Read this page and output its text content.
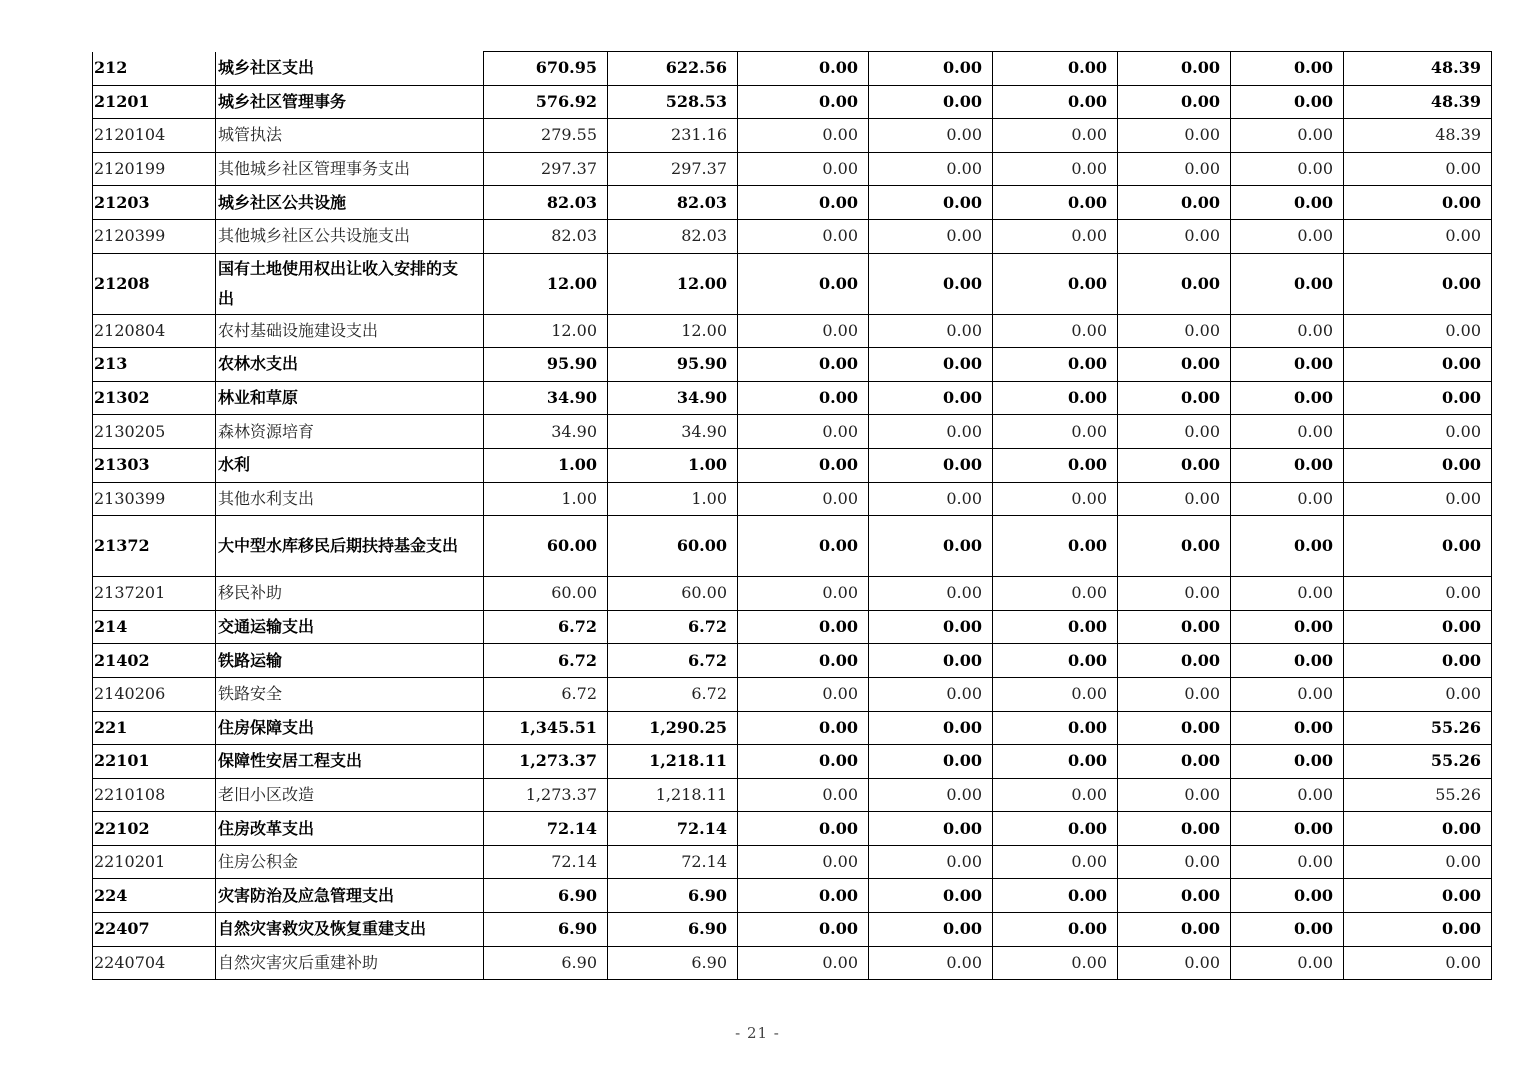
212	城乡社区支出	670.95	622.56	0.00	0.00	0.00	0.00	0.00	48.39
21201	城乡社区管理事务	576.92	528.53	0.00	0.00	0.00	0.00	0.00	48.39
2120104	城管执法	279.55	231.16	0.00	0.00	0.00	0.00	0.00	48.39
2120199	其他城乡社区管理事务支出	297.37	297.37	0.00	0.00	0.00	0.00	0.00	0.00
21203	城乡社区公共设施	82.03	82.03	0.00	0.00	0.00	0.00	0.00	0.00
2120399	其他城乡社区公共设施支出	82.03	82.03	0.00	0.00	0.00	0.00	0.00	0.00
21208	国有土地使用权出让收入安排的支出	12.00	12.00	0.00	0.00	0.00	0.00	0.00	0.00
2120804	农村基础设施建设支出	12.00	12.00	0.00	0.00	0.00	0.00	0.00	0.00
213	农林水支出	95.90	95.90	0.00	0.00	0.00	0.00	0.00	0.00
21302	林业和草原	34.90	34.90	0.00	0.00	0.00	0.00	0.00	0.00
2130205	森林资源培育	34.90	34.90	0.00	0.00	0.00	0.00	0.00	0.00
21303	水利	1.00	1.00	0.00	0.00	0.00	0.00	0.00	0.00
2130399	其他水利支出	1.00	1.00	0.00	0.00	0.00	0.00	0.00	0.00
21372	大中型水库移民后期扶持基金支出	60.00	60.00	0.00	0.00	0.00	0.00	0.00	0.00
2137201	移民补助	60.00	60.00	0.00	0.00	0.00	0.00	0.00	0.00
214	交通运输支出	6.72	6.72	0.00	0.00	0.00	0.00	0.00	0.00
21402	铁路运输	6.72	6.72	0.00	0.00	0.00	0.00	0.00	0.00
2140206	铁路安全	6.72	6.72	0.00	0.00	0.00	0.00	0.00	0.00
221	住房保障支出	1,345.51	1,290.25	0.00	0.00	0.00	0.00	0.00	55.26
22101	保障性安居工程支出	1,273.37	1,218.11	0.00	0.00	0.00	0.00	0.00	55.26
2210108	老旧小区改造	1,273.37	1,218.11	0.00	0.00	0.00	0.00	0.00	55.26
22102	住房改革支出	72.14	72.14	0.00	0.00	0.00	0.00	0.00	0.00
2210201	住房公积金	72.14	72.14	0.00	0.00	0.00	0.00	0.00	0.00
224	灾害防治及应急管理支出	6.90	6.90	0.00	0.00	0.00	0.00	0.00	0.00
22407	自然灾害救灾及恢复重建支出	6.90	6.90	0.00	0.00	0.00	0.00	0.00	0.00
2240704	自然灾害灾后重建补助	6.90	6.90	0.00	0.00	0.00	0.00	0.00	0.00
- 21 -
